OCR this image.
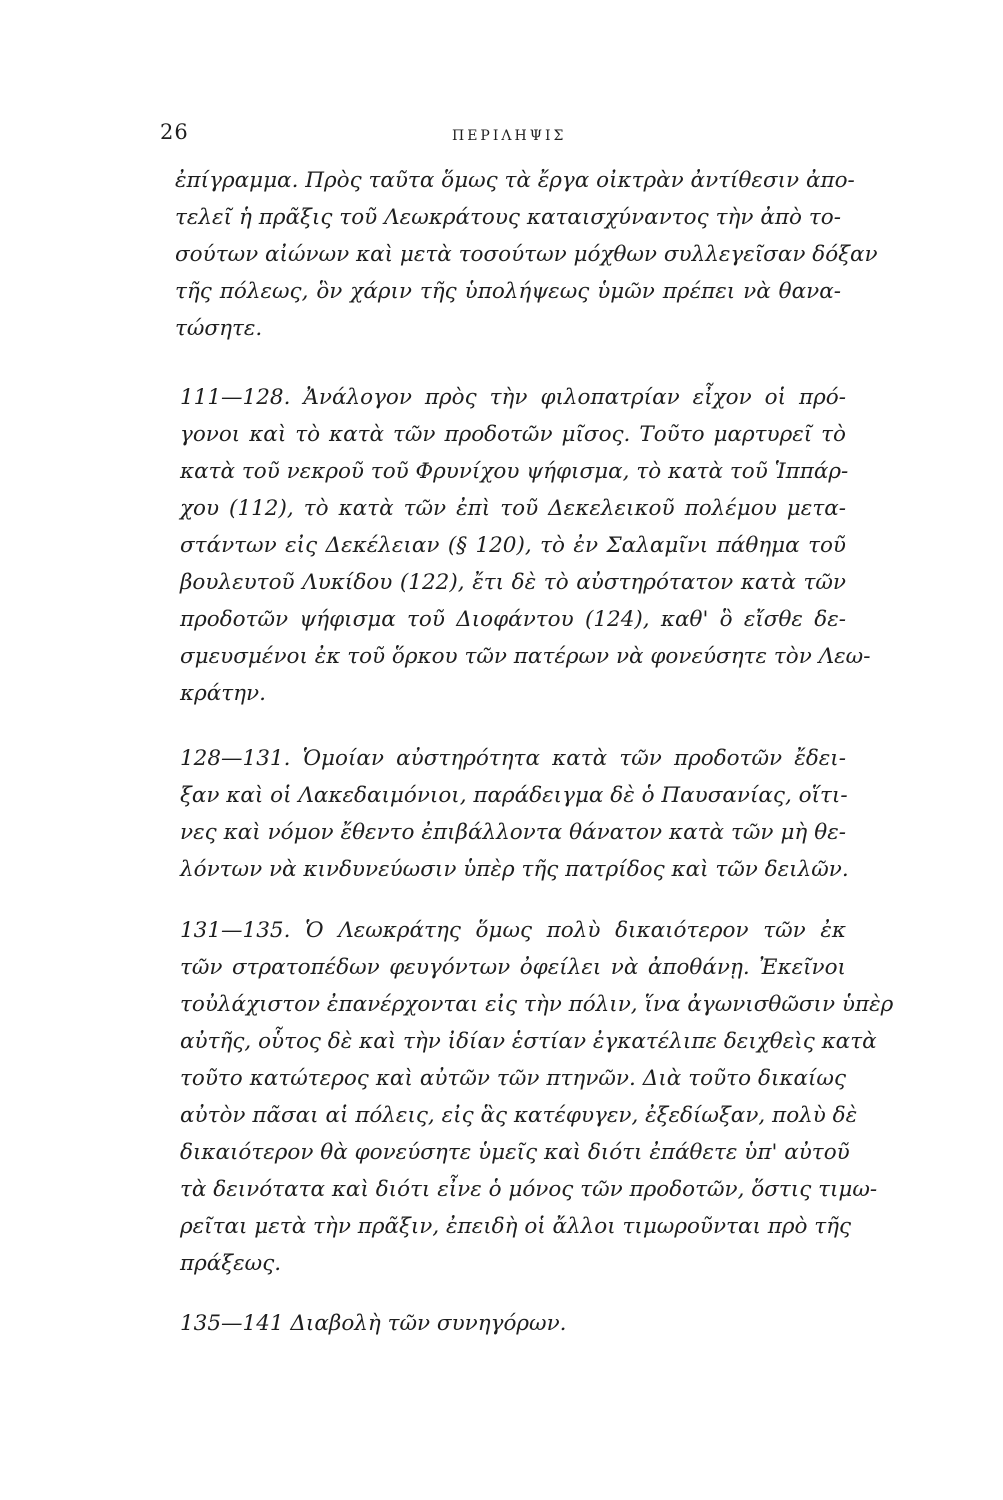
26	ΠΕΡΙΛΗΨΙΣ
ἐπίγραμμα. Πρὸς ταῦτα ὅμως τὰ ἔργα οἰκτρὰν ἀντίθεσιν ἀπο-
τελεῖ ἡ πρᾶξις τοῦ Λεωκράτους καταισχύναντος τὴν ἀπὸ το-
σούτων αἰώνων καὶ μετὰ τοσούτων μόχθων συλλεγεῖσαν δόξαν
τῆς πόλεως, ὃν χάριν τῆς ὑπολήψεως ὑμῶν πρέπει νὰ θανα-
τώσητε.
111—128. Ἀνάλογον πρὸς τὴν φιλοπατρίαν εἶχον οἱ πρό-
γονοι καὶ τὸ κατὰ τῶν προδοτῶν μῖσος. Τοῦτο μαρτυρεῖ τὸ
κατὰ τοῦ νεκροῦ τοῦ Φρυνίχου ψήφισμα, τὸ κατὰ τοῦ Ἱππάρ-
χου (112), τὸ κατὰ τῶν ἐπὶ τοῦ Δεκελεικοῦ πολέμου μετα-
στάντων εἰς Δεκέλειαν (§ 120), τὸ ἐν Σαλαμῖνι πάθημα τοῦ
βουλευτοῦ Λυκίδου (122), ἔτι δὲ τὸ αὐστηρότατον κατὰ τῶν
προδοτῶν ψήφισμα τοῦ Διοφάντου (124), καθ' ὃ εἴσθε δε-
σμευσμένοι ἐκ τοῦ ὅρκου τῶν πατέρων νὰ φονεύσητε τὸν Λεω-
κράτην.
128—131. Ὁμοίαν αὐστηρότητα κατὰ τῶν προδοτῶν ἔδει-
ξαν καὶ οἱ Λακεδαιμόνιοι, παράδειγμα δὲ ὁ Παυσανίας, οἵτι-
νες καὶ νόμον ἔθεντο ἐπιβάλλοντα θάνατον κατὰ τῶν μὴ θε-
λόντων νὰ κινδυνεύωσιν ὑπὲρ τῆς πατρίδος καὶ τῶν δειλῶν.
131—135. Ὁ Λεωκράτης ὅμως πολὺ δικαιότερον τῶν ἐκ
τῶν στρατοπέδων φευγόντων ὀφείλει νὰ ἀποθάνῃ. Ἐκεῖνοι
τοὐλάχιστον ἐπανέρχονται εἰς τὴν πόλιν, ἵνα ἀγωνισθῶσιν ὑπὲρ
αὐτῆς, οὗτος δὲ καὶ τὴν ἰδίαν ἑστίαν ἐγκατέλιπε δειχθεὶς κατὰ
τοῦτο κατώτερος καὶ αὐτῶν τῶν πτηνῶν. Διὰ τοῦτο δικαίως
αὐτὸν πᾶσαι αἱ πόλεις, εἰς ἃς κατέφυγεν, ἐξεδίωξαν, πολὺ δὲ
δικαιότερον θὰ φονεύσητε ὑμεῖς καὶ διότι ἐπάθετε ὑπ' αὐτοῦ
τὰ δεινότατα καὶ διότι εἶνε ὁ μόνος τῶν προδοτῶν, ὅστις τιμω-
ρεῖται μετὰ τὴν πρᾶξιν, ἐπειδὴ οἱ ἄλλοι τιμωροῦνται πρὸ τῆς
πράξεως.
135—141 Διαβολὴ τῶν συνηγόρων.
